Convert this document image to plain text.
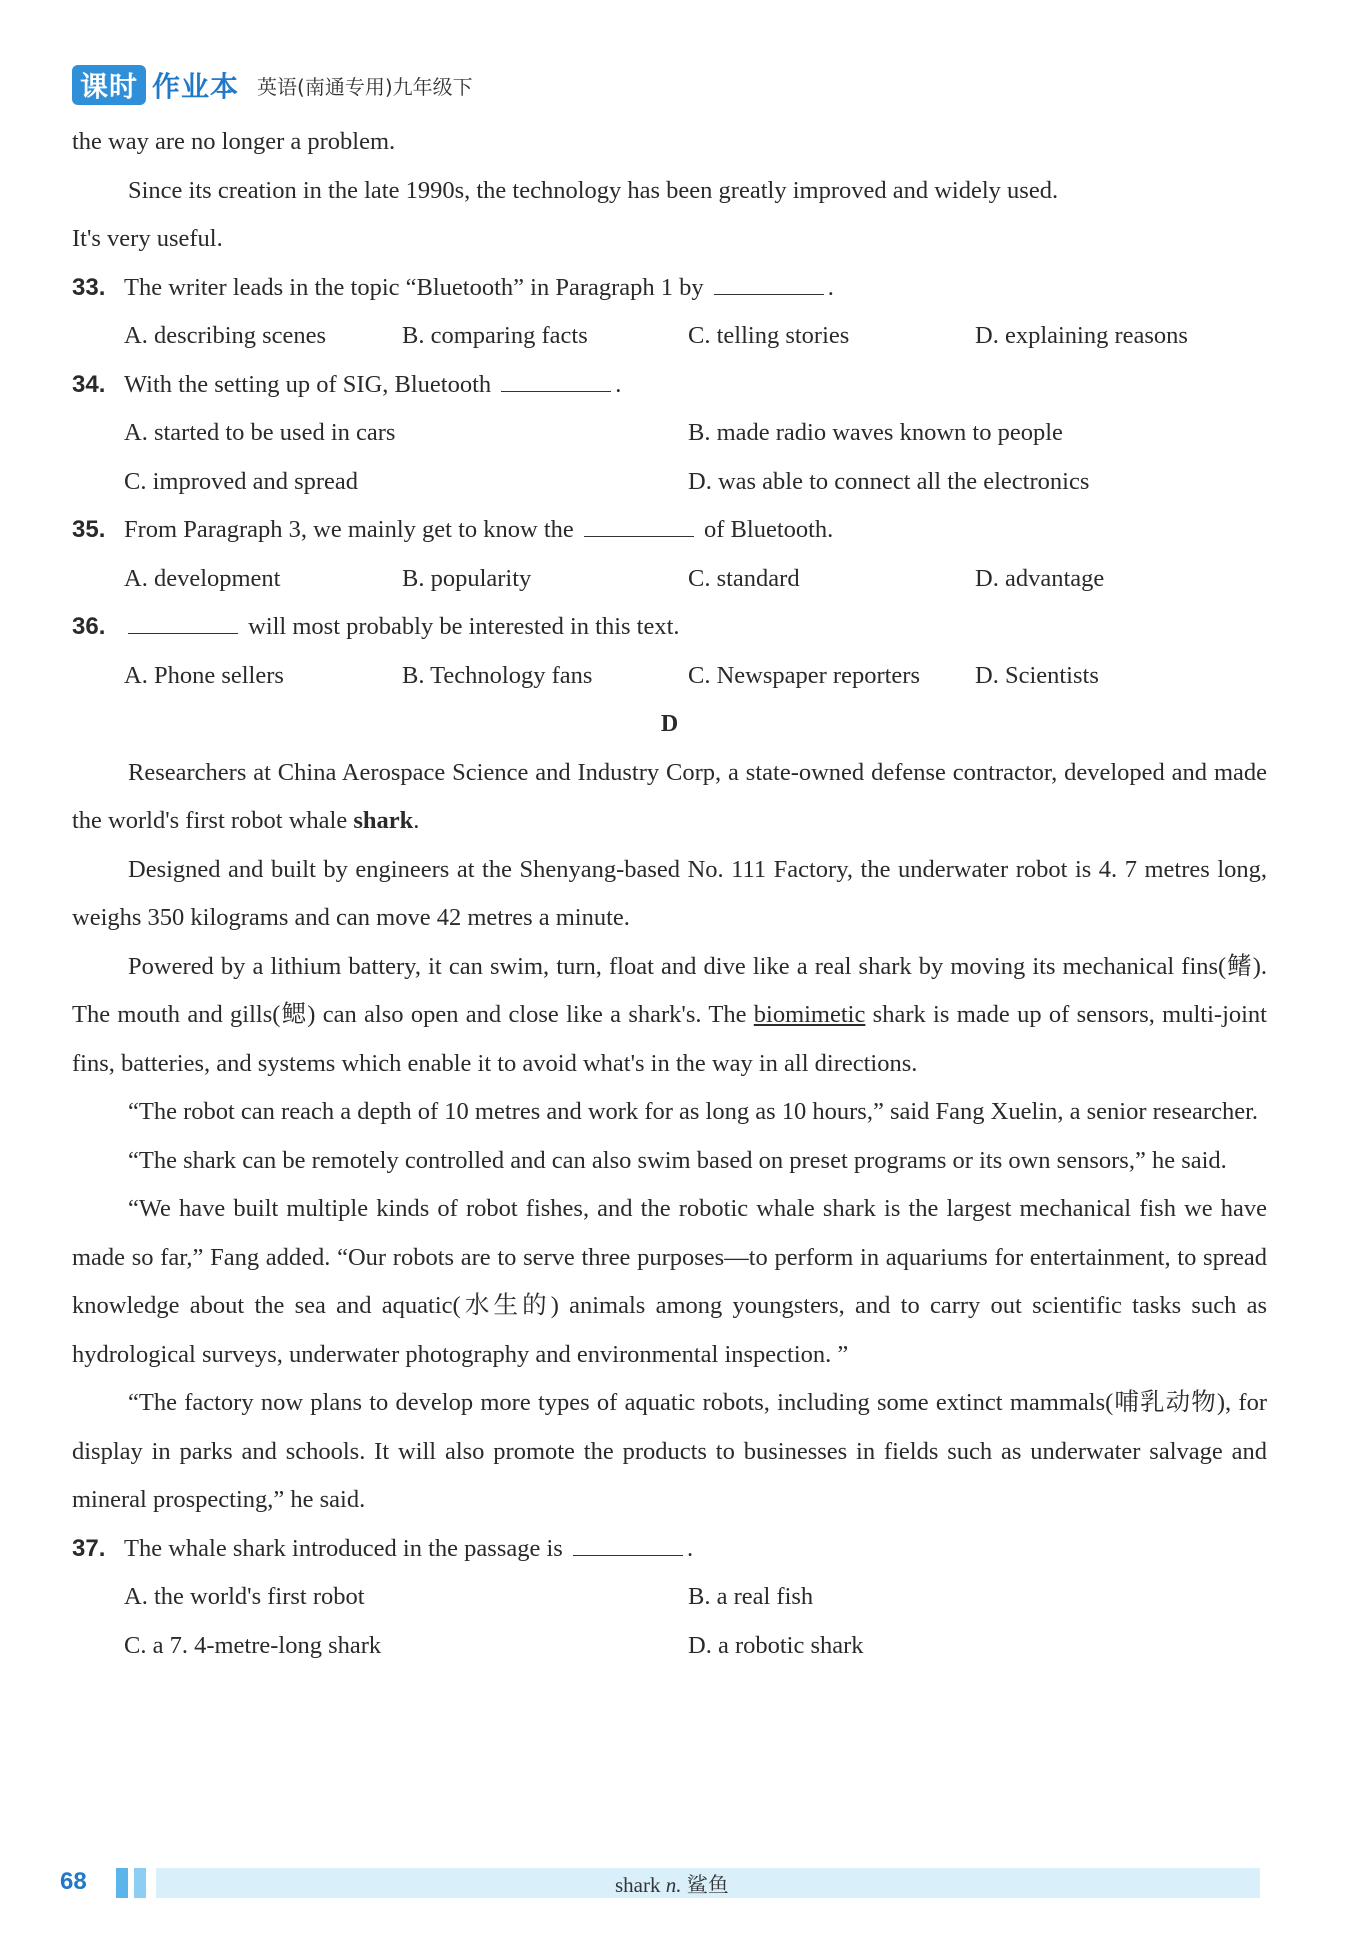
课时 作业本 英语(南通专用)九年级下
the way are no longer a problem.
Since its creation in the late 1990s, the technology has been greatly improved and widely used.
It's very useful.
33. The writer leads in the topic “Bluetooth” in Paragraph 1 by	.
A. describing scenes	B. comparing facts	C. telling stories	D. explaining reasons
34. With the setting up of SIG, Bluetooth	.
A. started to be used in cars	B. made radio waves known to people
C. improved and spread	D. was able to connect all the electronics
35. From Paragraph 3, we mainly get to know the	of Bluetooth.
A. development	B. popularity	C. standard	D. advantage
36.	will most probably be interested in this text.
A. Phone sellers	B. Technology fans	C. Newspaper reporters D. Scientists
D
Researchers at China Aerospace Science and Industry Corp, a state-owned defense contractor, developed and made the world's first robot whale shark.
Designed and built by engineers at the Shenyang-based No. 111 Factory, the underwater robot is 4. 7 metres long, weighs 350 kilograms and can move 42 metres a minute.
Powered by a lithium battery, it can swim, turn, float and dive like a real shark by moving its mechanical fins(鳍). The mouth and gills(鳃) can also open and close like a shark's. The biomimetic shark is made up of sensors, multi-joint fins, batteries, and systems which enable it to avoid what's in the way in all directions.
“The robot can reach a depth of 10 metres and work for as long as 10 hours,” said Fang Xuelin, a senior researcher.
“The shark can be remotely controlled and can also swim based on preset programs or its own sensors,” he said.
“We have built multiple kinds of robot fishes, and the robotic whale shark is the largest mechanical fish we have made so far,” Fang added. “Our robots are to serve three purposes—to perform in aquariums for entertainment, to spread knowledge about the sea and aquatic(水生的) animals among youngsters, and to carry out scientific tasks such as hydrological surveys, underwater photography and environmental inspection. ”
“The factory now plans to develop more types of aquatic robots, including some extinct mammals(哺乳动物), for display in parks and schools. It will also promote the products to businesses in fields such as underwater salvage and mineral prospecting,” he said.
37. The whale shark introduced in the passage is	.
A. the world's first robot	B. a real fish
C. a 7. 4-metre-long shark	D. a robotic shark
68	shark n. 鲨鱼
